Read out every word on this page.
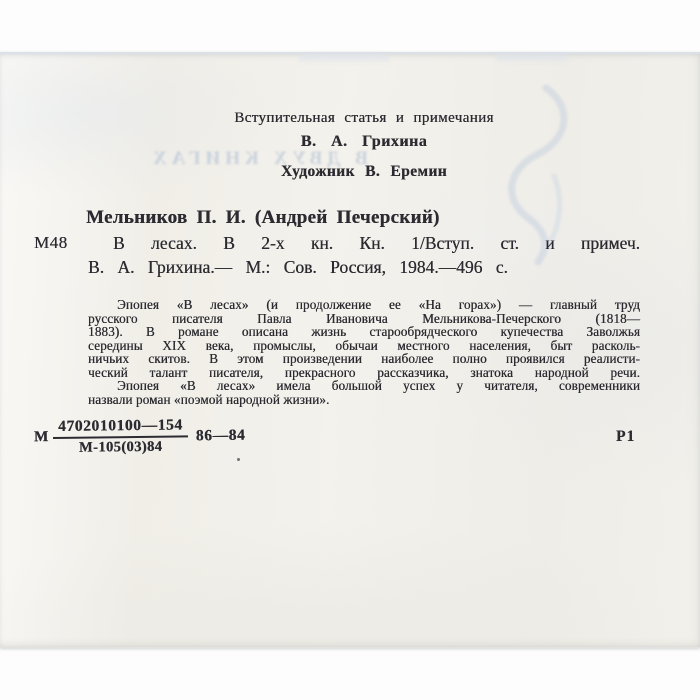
В ДВУХ КНИГАХ
Вступительная статья и примечания
В. А. Грихина
Художник В. Еремин
Мельников П. И. (Андрей Печерский)
М48	В лесах. В 2-х кн. Кн. 1/Вступ. ст. и примеч.
В. А. Грихина.— М.: Сов. Россия, 1984.—496 с.
Эпопея «В лесах» (и продолжение ее «На горах») — главный труд
русского писателя Павла Ивановича Мельникова-Печерского (1818—
1883). В романе описана жизнь старообрядческого купечества Заволжья
середины XIX века, промыслы, обычаи местного населения, быт расколь-
ничьих скитов. В этом произведении наиболее полно проявился реалисти-
ческий талант писателя, прекрасного рассказчика, знатока народной речи.
Эпопея «В лесах» имела большой успех у читателя, современники
назвали роман «поэмой народной жизни».
М $\frac{4702010100—154}{М-105(03)84}$ 86—84	Р1
